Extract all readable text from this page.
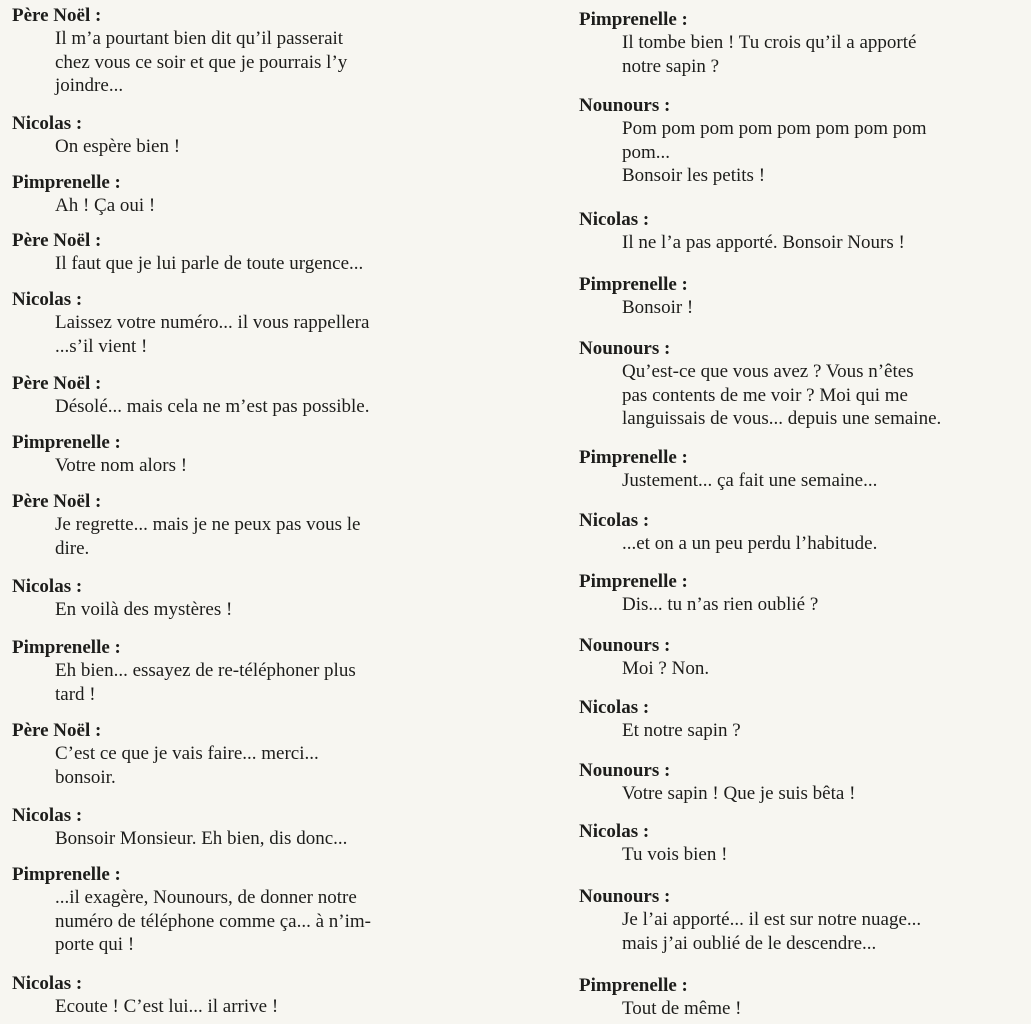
Père Noël :
Il m’a pourtant bien dit qu’il passerait
chez vous ce soir et que je pourrais l’y
joindre...
Nicolas :
On espère bien !
Pimprenelle :
Ah ! Ça oui !
Père Noël :
Il faut que je lui parle de toute urgence...
Nicolas :
Laissez votre numéro... il vous rappellera
...s’il vient !
Père Noël :
Désolé... mais cela ne m’est pas possible.
Pimprenelle :
Votre nom alors !
Père Noël :
Je regrette... mais je ne peux pas vous le
dire.
Nicolas :
En voilà des mystères !
Pimprenelle :
Eh bien... essayez de re-téléphoner plus
tard !
Père Noël :
C’est ce que je vais faire... merci...
bonsoir.
Nicolas :
Bonsoir Monsieur. Eh bien, dis donc...
Pimprenelle :
...il exagère, Nounours, de donner notre
numéro de téléphone comme ça... à n’im-
porte qui !
Nicolas :
Ecoute ! C’est lui... il arrive !
Pimprenelle :
Il tombe bien ! Tu crois qu’il a apporté
notre sapin ?
Nounours :
Pom pom pom pom pom pom pom pom
pom...
Bonsoir les petits !
Nicolas :
Il ne l’a pas apporté. Bonsoir Nours !
Pimprenelle :
Bonsoir !
Nounours :
Qu’est-ce que vous avez ? Vous n’êtes
pas contents de me voir ? Moi qui me
languissais de vous... depuis une semaine.
Pimprenelle :
Justement... ça fait une semaine...
Nicolas :
...et on a un peu perdu l’habitude.
Pimprenelle :
Dis... tu n’as rien oublié ?
Nounours :
Moi ? Non.
Nicolas :
Et notre sapin ?
Nounours :
Votre sapin ! Que je suis bêta !
Nicolas :
Tu vois bien !
Nounours :
Je l’ai apporté... il est sur notre nuage...
mais j’ai oublié de le descendre...
Pimprenelle :
Tout de même !
